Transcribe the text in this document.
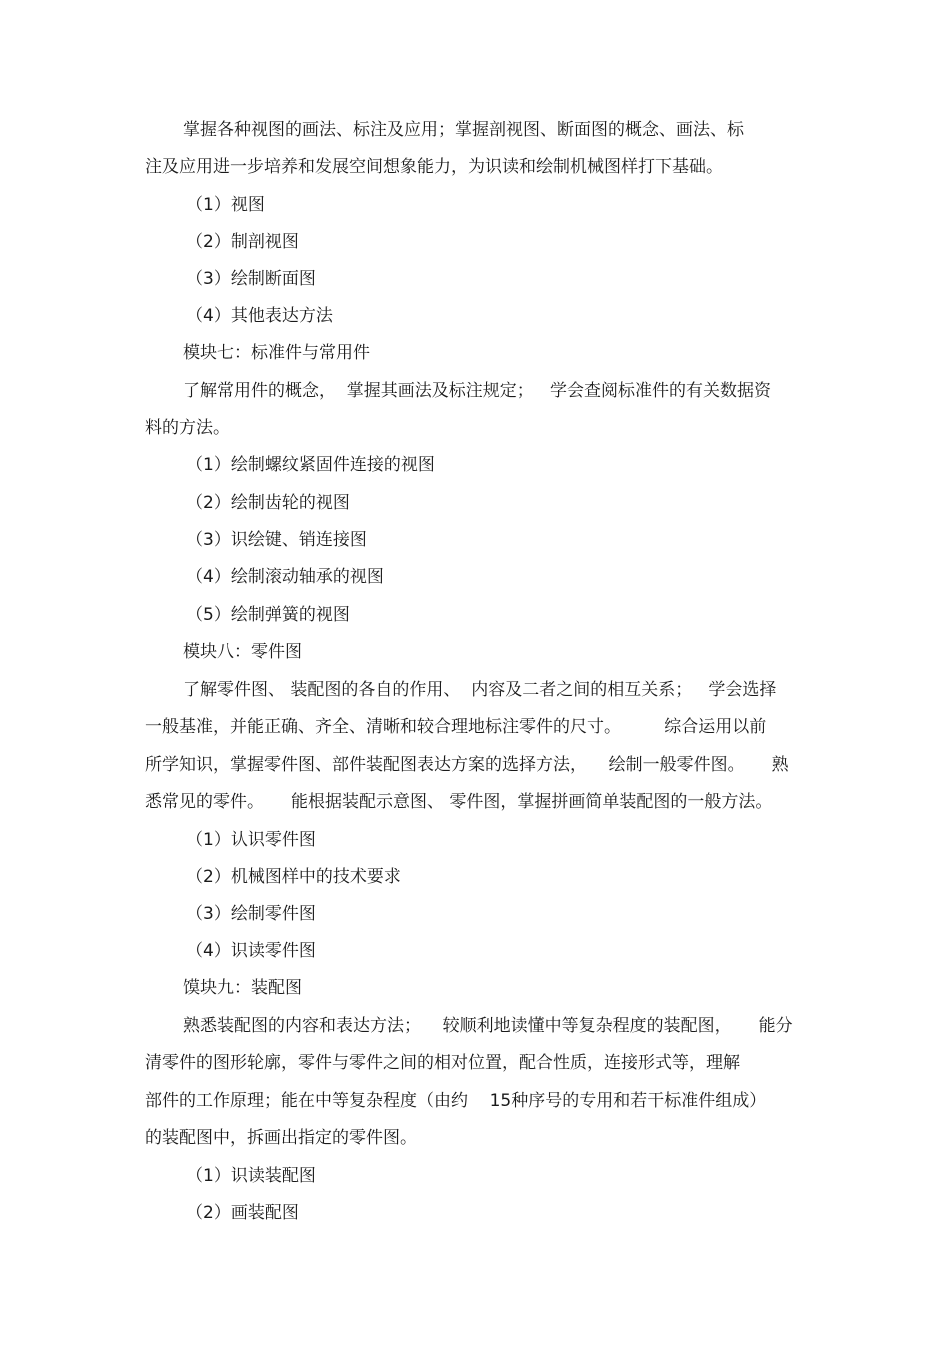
掌握各种视图的画法、标注及应用；掌握剖视图、断面图的概念、画法、标

注及应用进一步培养和发展空间想象能力，为识读和绘制机械图样打下基础。

（1）视图

（2）制剖视图

（3）绘制断面图

（4）其他表达方法

模块七：标准件与常用件

了解常用件的概念，  掌握其画法及标注规定；   学会查阅标准件的有关数据资

料的方法。

（1）绘制螺纹紧固件连接的视图

（2）绘制齿轮的视图

（3）识绘键、销连接图

（4）绘制滚动轴承的视图

（5）绘制弹簧的视图

模块八：零件图

了解零件图、 装配图的各自的作用、  内容及二者之间的相互关系；   学会选择

一般基准，并能正确、齐全、清晰和较合理地标注零件的尺寸。        综合运用以前

所学知识，掌握零件图、部件装配图表达方案的选择方法，    绘制一般零件图。     熟

悉常见的零件。     能根据装配示意图、 零件图，掌握拼画简单装配图的一般方法。

（1）认识零件图

（2）机械图样中的技术要求

（3）绘制零件图

（4）识读零件图

馍块九：装配图

熟悉装配图的内容和表达方法；    较顺利地读懂中等复杂程度的装配图，     能分

清零件的图形轮廓，零件与零件之间的相对位置，配合性质，连接形式等，理解

部件的工作原理；能在中等复杂程度（由约    15种序号的专用和若干标准件组成）

的装配图中，拆画出指定的零件图。

（1）识读装配图

（2）画装配图
